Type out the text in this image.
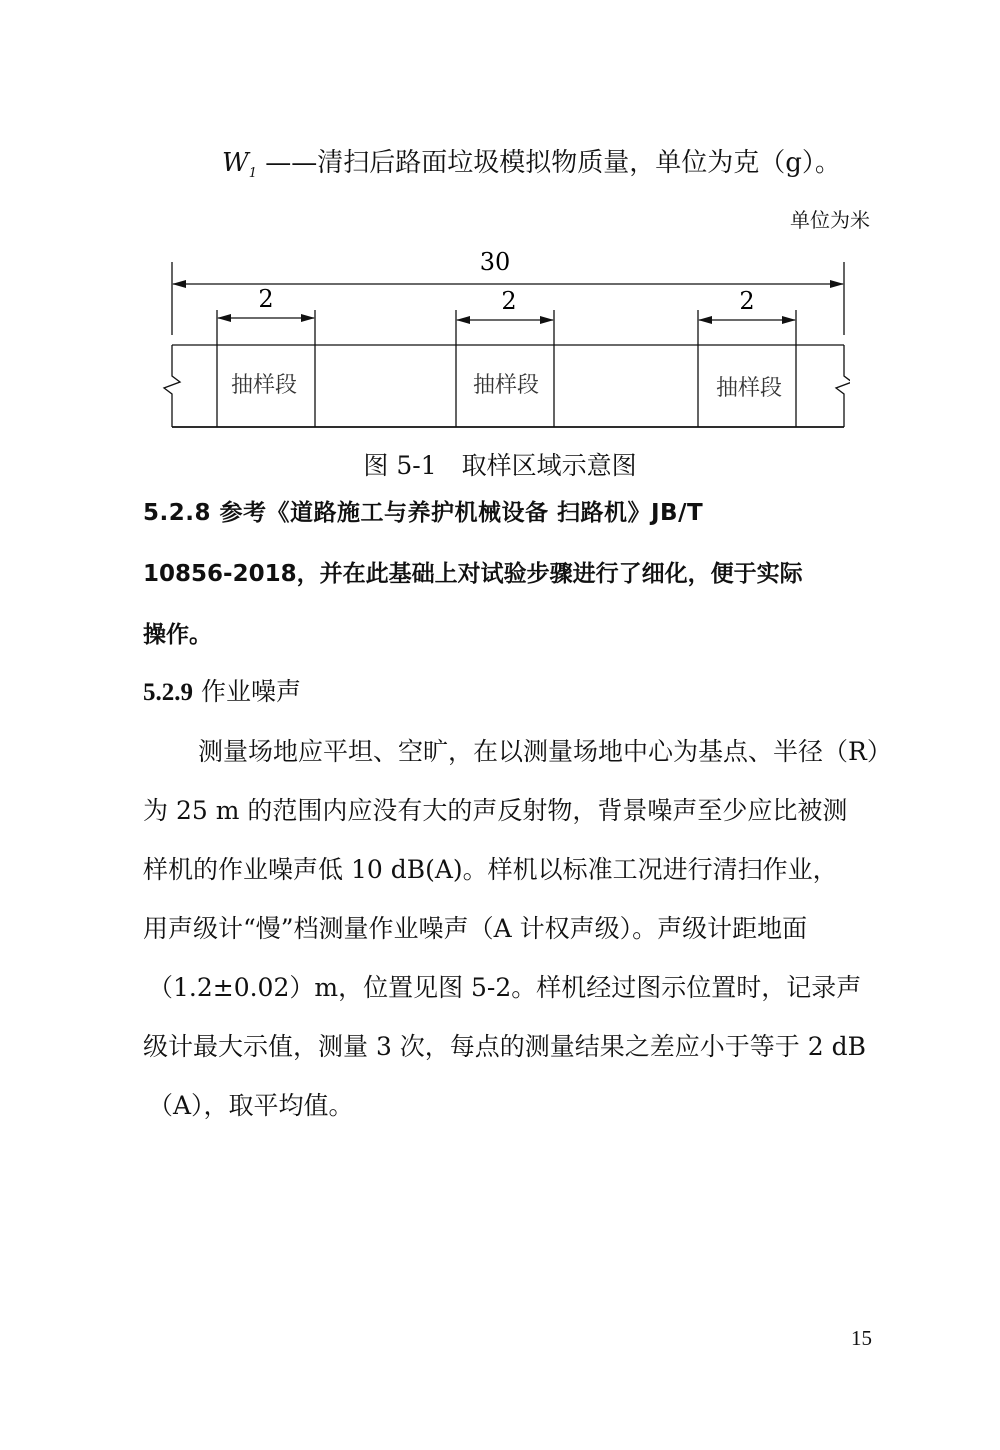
$W_1$ ——清扫后路面垃圾模拟物质量，单位为克（g）。
单位为米
30
2
抽样段
2
抽样段
2
抽样段
图 5-1　取样区域示意图
5.2.8 参考《道路施工与养护机械设备 扫路机》JB/T
10856-2018，并在此基础上对试验步骤进行了细化，便于实际
操作。
5.2.9 作业噪声
测量场地应平坦、空旷，在以测量场地中心为基点、半径（R）
为 25 m 的范围内应没有大的声反射物，背景噪声至少应比被测
样机的作业噪声低 10 dB(A)。样机以标准工况进行清扫作业，
用声级计“慢”档测量作业噪声（A 计权声级）。声级计距地面
（1.2±0.02）m，位置见图 5-2。样机经过图示位置时，记录声
级计最大示值，测量 3 次，每点的测量结果之差应小于等于 2 dB
（A），取平均值。
15
